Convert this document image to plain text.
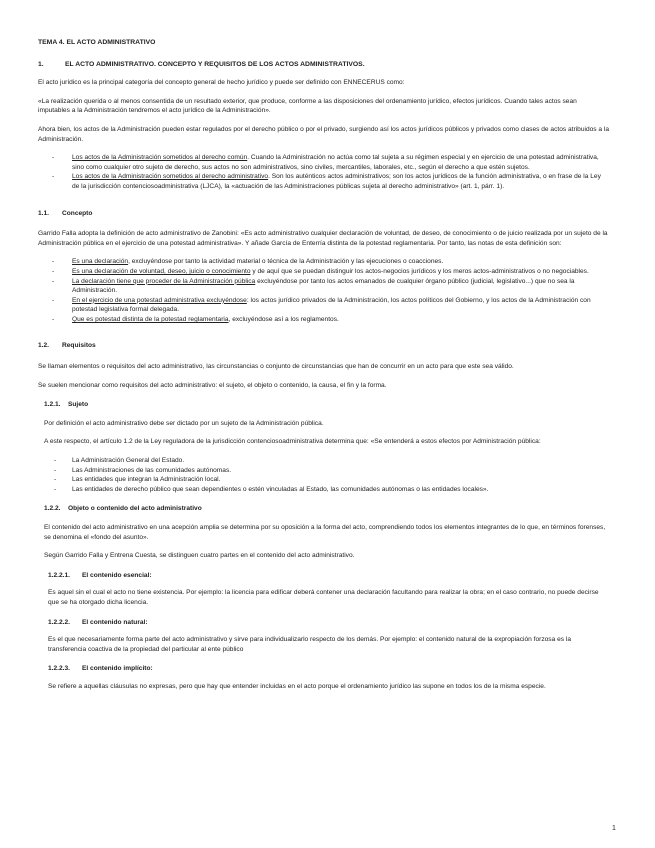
TEMA 4. EL ACTO ADMINISTRATIVO
1.	EL ACTO ADMINISTRATIVO. CONCEPTO Y REQUISITOS DE LOS ACTOS ADMINISTRATIVOS.
El acto jurídico es la principal categoría del concepto general de hecho jurídico y puede ser definido con ENNECERUS como:
«La realización querida o al menos consentida de un resultado exterior, que produce, conforme a las disposiciones del ordenamiento jurídico, efectos jurídicos. Cuando tales actos sean imputables a la Administración tendremos el acto jurídico de la Administración».
Ahora bien, los actos de la Administración pueden estar regulados por el derecho público o por el privado, surgiendo así los actos jurídicos públicos y privados como clases de actos atribuidos a la Administración.
-	Los actos de la Administración sometidos al derecho común. Cuando la Administración no actúa como tal sujeta a su régimen especial y en ejercicio de una potestad administrativa, sino como cualquier otro sujeto de derecho, sus actos no son administrativos, sino civiles, mercantiles, laborales, etc., según el derecho a que estén sujetos.
-	Los actos de la Administración sometidos al derecho administrativo. Son los auténticos actos administrativos; son los actos jurídicos de la función administrativa, o en frase de la Ley de la jurisdicción contenciosoadministrativa (LJCA), la «actuación de las Administraciones públicas sujeta al derecho administrativo» (art. 1, párr. 1).
1.1. Concepto
Garrido Falla adopta la definición de acto administrativo de Zanobini: «Es acto administrativo cualquier declaración de voluntad, de deseo, de conocimiento o de juicio realizada por un sujeto de la Administración pública en el ejercicio de una potestad administrativa». Y añade García de Enterría distinta de la potestad reglamentaria. Por tanto, las notas de esta definición son:
-	Es una declaración, excluyéndose por tanto la actividad material o técnica de la Administración y las ejecuciones o coacciones.
-	Es una declaración de voluntad, deseo, juicio o conocimiento y de aquí que se puedan distinguir los actos-negocios jurídicos y los meros actos-administrativos o no negociables.
-	La declaración tiene que proceder de la Administración pública excluyéndose por tanto los actos emanados de cualquier órgano público (judicial, legislativo...) que no sea la Administración.
-	En el ejercicio de una potestad administrativa excluyéndose: los actos jurídico privados de la Administración, los actos políticos del Gobierno, y los actos de la Administración con potestad legislativa formal delegada.
-	Que es potestad distinta de la potestad reglamentaria, excluyéndose así a los reglamentos.
1.2. Requisitos
Se llaman elementos o requisitos del acto administrativo, las circunstancias o conjunto de circunstancias que han de concurrir en un acto para que este sea válido.
Se suelen mencionar como requisitos del acto administrativo: el sujeto, el objeto o contenido, la causa, el fin y la forma.
1.2.1. Sujeto
Por definición el acto administrativo debe ser dictado por un sujeto de la Administración pública.
A este respecto, el artículo 1.2 de la Ley reguladora de la jurisdicción contenciosoadministrativa determina que: «Se entenderá a estos efectos por Administración pública:
- La Administración General del Estado.
- Las Administraciones de las comunidades autónomas.
- Las entidades que integran la Administración local.
- Las entidades de derecho público que sean dependientes o estén vinculadas al Estado, las comunidades autónomas o las entidades locales».
1.2.2. Objeto o contenido del acto administrativo
El contenido del acto administrativo en una acepción amplia se determina por su oposición a la forma del acto, comprendiendo todos los elementos integrantes de lo que, en términos forenses, se denomina el «fondo del asunto».
Según Garrido Falla y Entrena Cuesta, se distinguen cuatro partes en el contenido del acto administrativo.
1.2.2.1. El contenido esencial:
Es aquel sin el cual el acto no tiene existencia. Por ejemplo: la licencia para edificar deberá contener una declaración facultando para realizar la obra; en el caso contrario, no puede decirse que se ha otorgado dicha licencia.
1.2.2.2. El contenido natural:
Es el que necesariamente forma parte del acto administrativo y sirve para individualizarlo respecto de los demás. Por ejemplo: el contenido natural de la expropiación forzosa es la transferencia coactiva de la propiedad del particular al ente público
1.2.2.3. El contenido implícito:
Se refiere a aquellas cláusulas no expresas, pero que hay que entender incluidas en el acto porque el ordenamiento jurídico las supone en todos los de la misma especie.
1
